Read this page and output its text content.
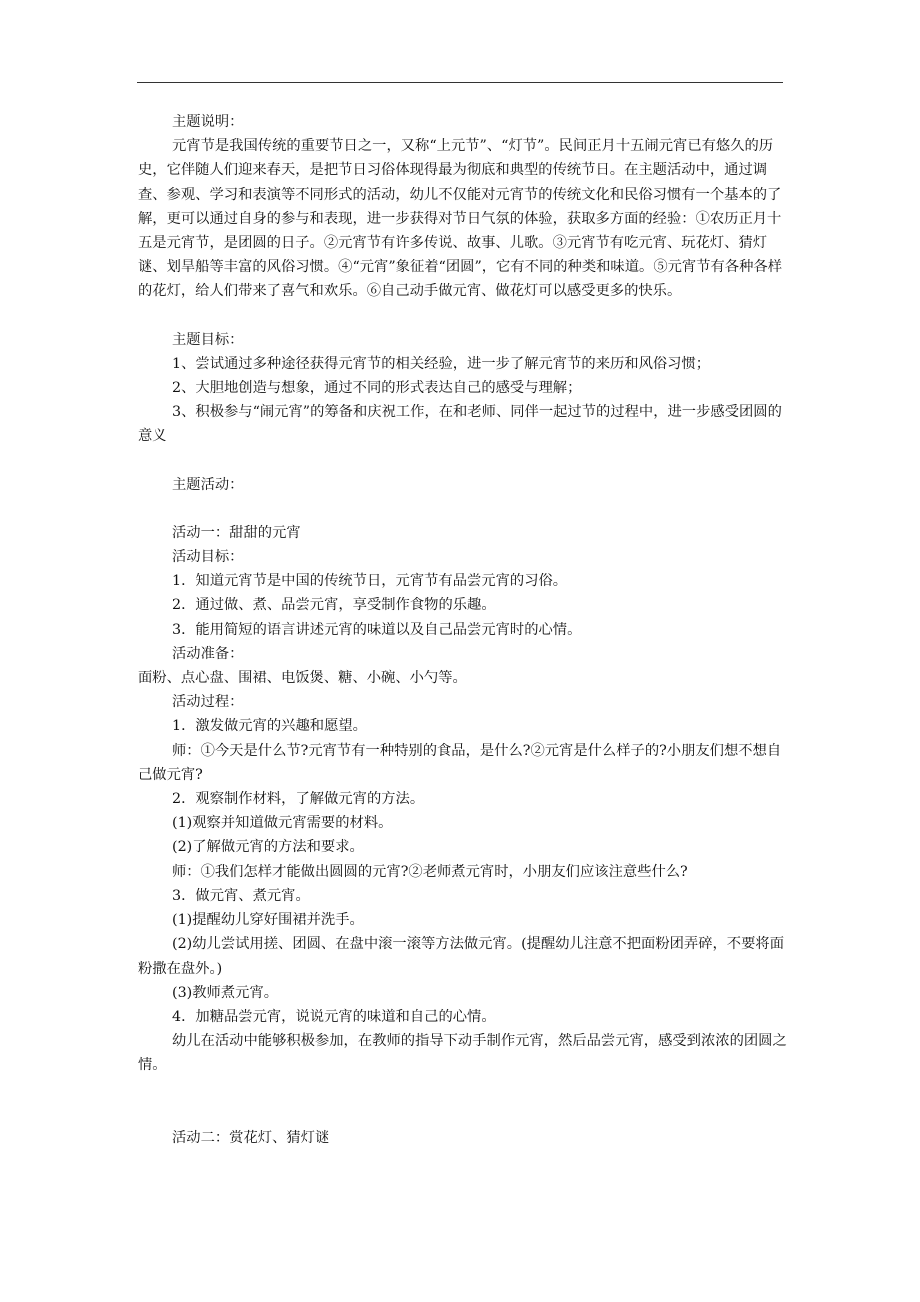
主题说明：

元宵节是我国传统的重要节日之一，又称“上元节”、“灯节”。民间正月十五闹元宵已有悠久的历史，它伴随人们迎来春天，是把节日习俗体现得最为彻底和典型的传统节日。在主题活动中，通过调查、参观、学习和表演等不同形式的活动，幼儿不仅能对元宵节的传统文化和民俗习惯有一个基本的了解，更可以通过自身的参与和表现，进一步获得对节日气氛的体验，获取多方面的经验：①农历正月十五是元宵节，是团圆的日子。②元宵节有许多传说、故事、儿歌。③元宵节有吃元宵、玩花灯、猜灯谜、划旱船等丰富的风俗习惯。④“元宵”象征着“团圆”，它有不同的种类和味道。⑤元宵节有各种各样的花灯，给人们带来了喜气和欢乐。⑥自己动手做元宵、做花灯可以感受更多的快乐。

主题目标：

1、尝试通过多种途径获得元宵节的相关经验，进一步了解元宵节的来历和风俗习惯；

2、大胆地创造与想象，通过不同的形式表达自己的感受与理解；

3、积极参与“闹元宵”的筹备和庆祝工作，在和老师、同伴一起过节的过程中，进一步感受团圆的意义

主题活动：

活动一：甜甜的元宵

活动目标：

1．知道元宵节是中国的传统节日，元宵节有品尝元宵的习俗。

2．通过做、煮、品尝元宵，享受制作食物的乐趣。

3．能用简短的语言讲述元宵的味道以及自己品尝元宵时的心情。

活动准备：

面粉、点心盘、围裙、电饭煲、糖、小碗、小勺等。

活动过程：

1．激发做元宵的兴趣和愿望。

师：①今天是什么节?元宵节有一种特别的食品，是什么?②元宵是什么样子的?小朋友们想不想自己做元宵?

2．观察制作材料，了解做元宵的方法。

(1)观察并知道做元宵需要的材料。

(2)了解做元宵的方法和要求。

师：①我们怎样才能做出圆圆的元宵?②老师煮元宵时，小朋友们应该注意些什么?

3．做元宵、煮元宵。

(1)提醒幼儿穿好围裙并洗手。

(2)幼儿尝试用搓、团圆、在盘中滚一滚等方法做元宵。(提醒幼儿注意不把面粉团弄碎，不要将面粉撒在盘外。)

(3)教师煮元宵。

4．加糖品尝元宵，说说元宵的味道和自己的心情。

幼儿在活动中能够积极参加，在教师的指导下动手制作元宵，然后品尝元宵，感受到浓浓的团圆之情。

活动二：赏花灯、猜灯谜
